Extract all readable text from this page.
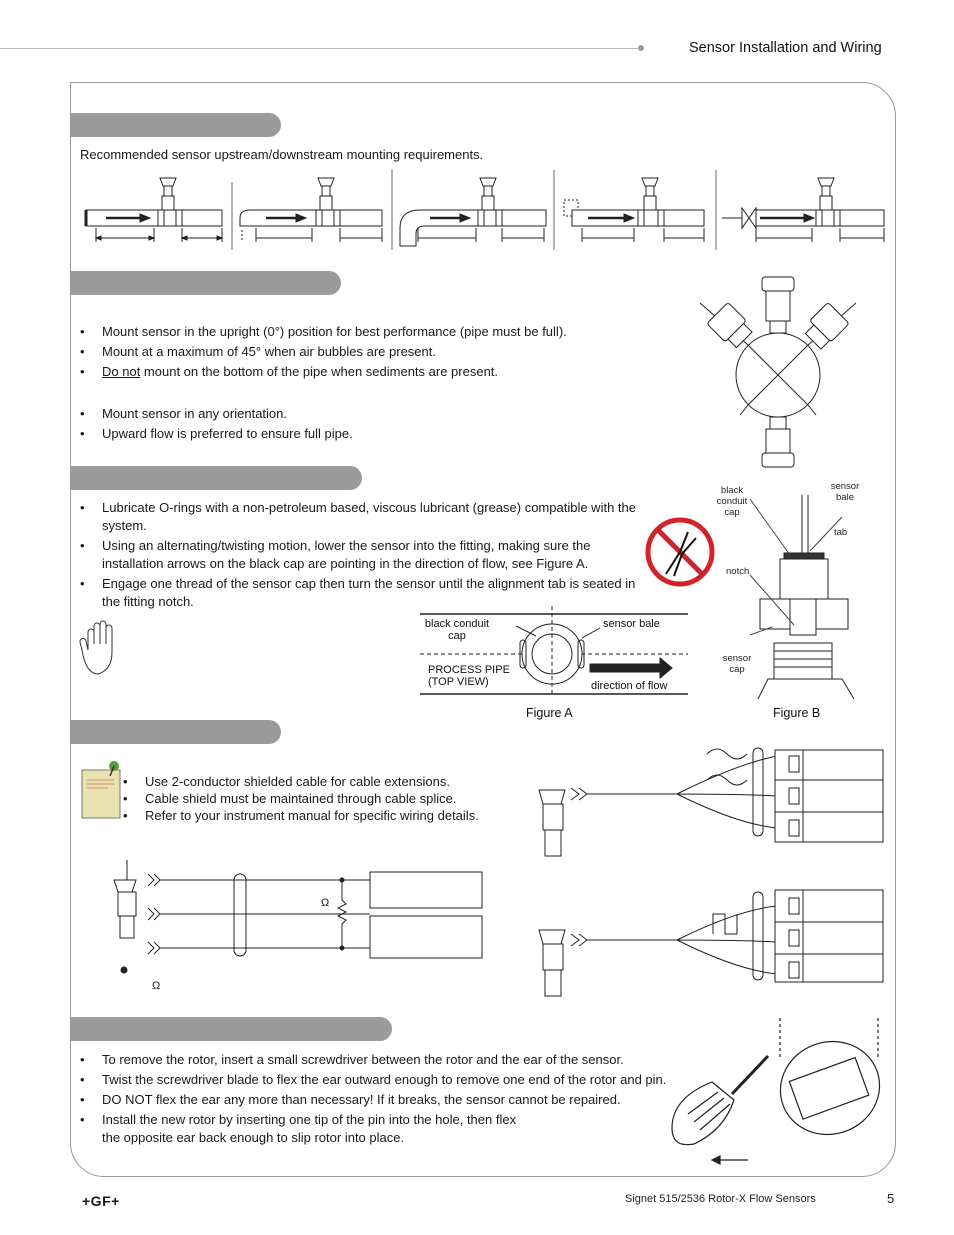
Sensor Installation and Wiring
Recommended sensor upstream/downstream mounting requirements.
• Mount sensor in the upright (0°) position for best performance (pipe must be full).
• Mount at a maximum of 45° when air bubbles are present.
• Do not mount on the bottom of the pipe when sediments are present.
• Mount sensor in any orientation.
• Upward flow is preferred to ensure full pipe.
• Lubricate O-rings with a non-petroleum based, viscous lubricant (grease) compatible with the system.
• Using an alternating/twisting motion, lower the sensor into the fitting, making sure the installation arrows on the black cap are pointing in the direction of flow, see Figure A.
• Engage one thread of the sensor cap then turn the sensor until the alignment tab is seated in the fitting notch.
black conduit cap
sensor bale
PROCESS PIPE (TOP VIEW)	direction of flow
Figure A
black conduit cap
sensor bale
tab
notch
sensor cap
Figure B
• Use 2-conductor shielded cable for cable extensions.
• Cable shield must be maintained through cable splice.
• Refer to your instrument manual for specific wiring details.
Ω
Ω
• To remove the rotor, insert a small screwdriver between the rotor and the ear of the sensor.
• Twist the screwdriver blade to flex the ear outward enough to remove one end of the rotor and pin.
• DO NOT flex the ear any more than necessary! If it breaks, the sensor cannot be repaired.
• Install the new rotor by inserting one tip of the pin into the hole, then flex the opposite ear back enough to slip rotor into place.
+GF+	Signet 515/2536 Rotor-X Flow Sensors	5
